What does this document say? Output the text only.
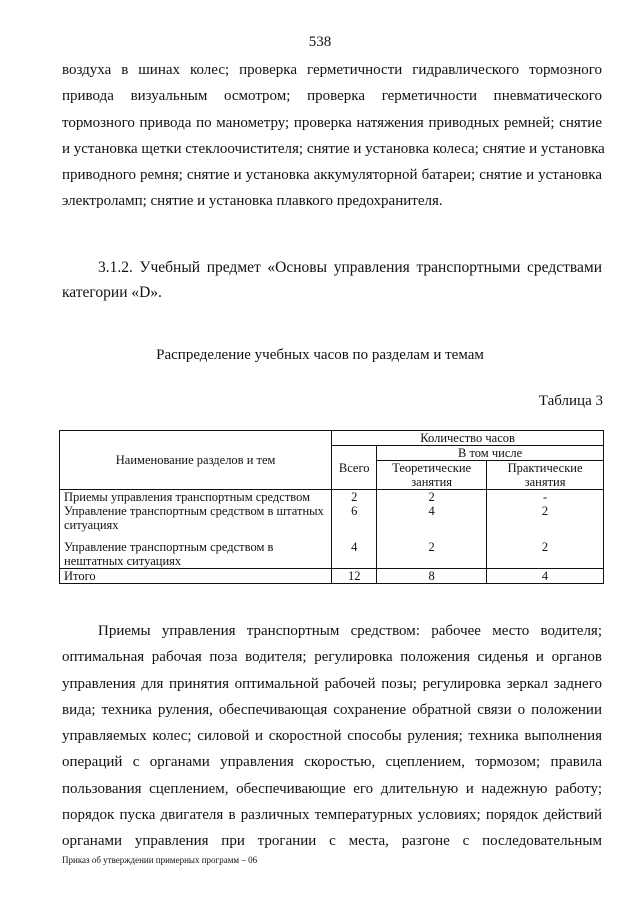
538
воздуха в шинах колес; проверка герметичности гидравлического тормозного
привода визуальным осмотром; проверка герметичности пневматического
тормозного привода по манометру; проверка натяжения приводных ремней; снятие
и установка щетки стеклоочистителя; снятие и установка колеса; снятие и установка
приводного ремня; снятие и установка аккумуляторной батареи; снятие и установка
электроламп; снятие и установка плавкого предохранителя.
3.1.2. Учебный предмет «Основы управления транспортными средствами
категории «D».
Распределение учебных часов по разделам и темам
Таблица 3
Наименование разделов и тем	Количество часов		
	Всего	В том числе	
		Теоретические занятия	Практические занятия
Приемы управления транспортным средством	2	2	-
Управление транспортным средством в штатных ситуациях	6	4	2
Управление транспортным средством в нештатных ситуациях	4	2	2
Итого	12	8	4
Приемы управления транспортным средством: рабочее место водителя;
оптимальная рабочая поза водителя; регулировка положения сиденья и органов
управления для принятия оптимальной рабочей позы; регулировка зеркал заднего
вида; техника руления, обеспечивающая сохранение обратной связи о положении
управляемых колес; силовой и скоростной способы руления; техника выполнения
операций с органами управления скоростью, сцеплением, тормозом; правила
пользования сцеплением, обеспечивающие его длительную и надежную работу;
порядок пуска двигателя в различных температурных условиях; порядок действий
органами управления при трогании с места, разгоне с последовательным
Приказ об утверждении примерных программ – 06
